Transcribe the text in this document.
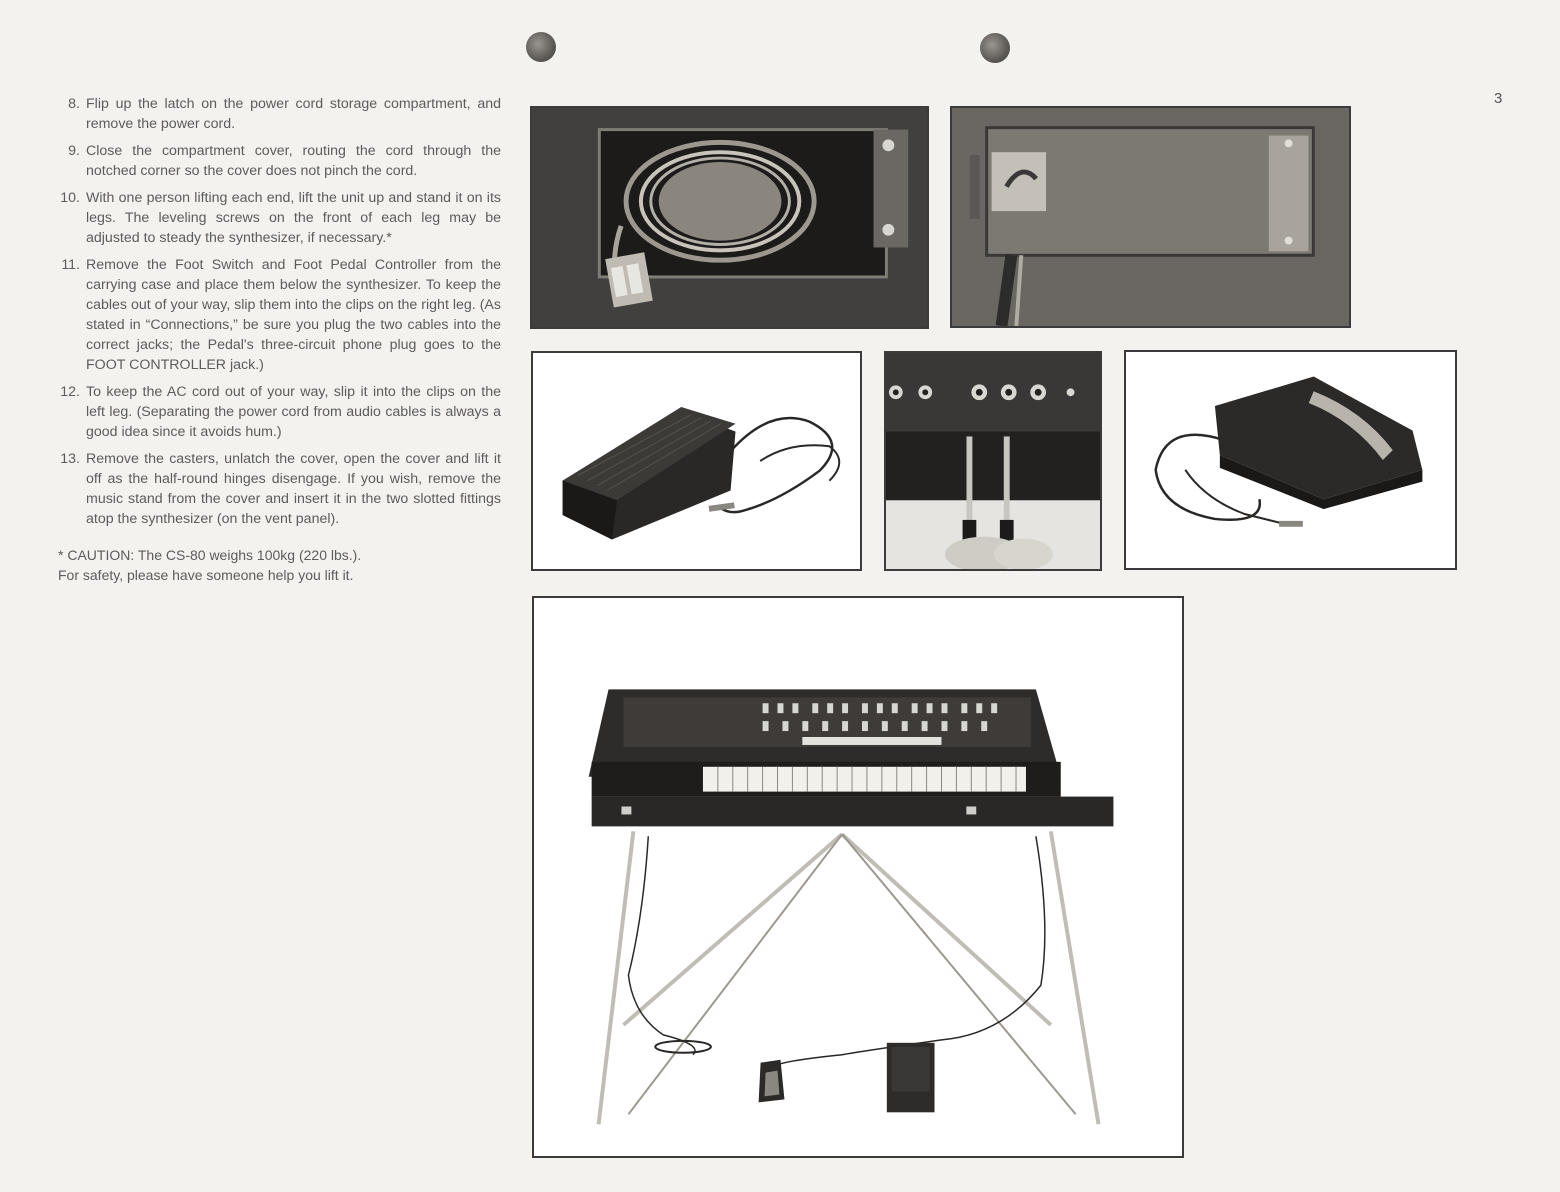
3
8. Flip up the latch on the power cord storage compartment, and remove the power cord.
9. Close the compartment cover, routing the cord through the notched corner so the cover does not pinch the cord.
10. With one person lifting each end, lift the unit up and stand it on its legs. The leveling screws on the front of each leg may be adjusted to steady the synthesizer, if necessary.*
11. Remove the Foot Switch and Foot Pedal Controller from the carrying case and place them below the synthesizer. To keep the cables out of your way, slip them into the clips on the right leg. (As stated in “Connections,” be sure you plug the two cables into the correct jacks; the Pedal's three-circuit phone plug goes to the FOOT CONTROLLER jack.)
12. To keep the AC cord out of your way, slip it into the clips on the left leg. (Separating the power cord from audio cables is always a good idea since it avoids hum.)
13. Remove the casters, unlatch the cover, open the cover and lift it off as the half-round hinges disengage. If you wish, remove the music stand from the cover and insert it in the two slotted fittings atop the synthesizer (on the vent panel).
* CAUTION: The CS-80 weighs 100kg (220 lbs.).
For safety, please have someone help you lift it.
